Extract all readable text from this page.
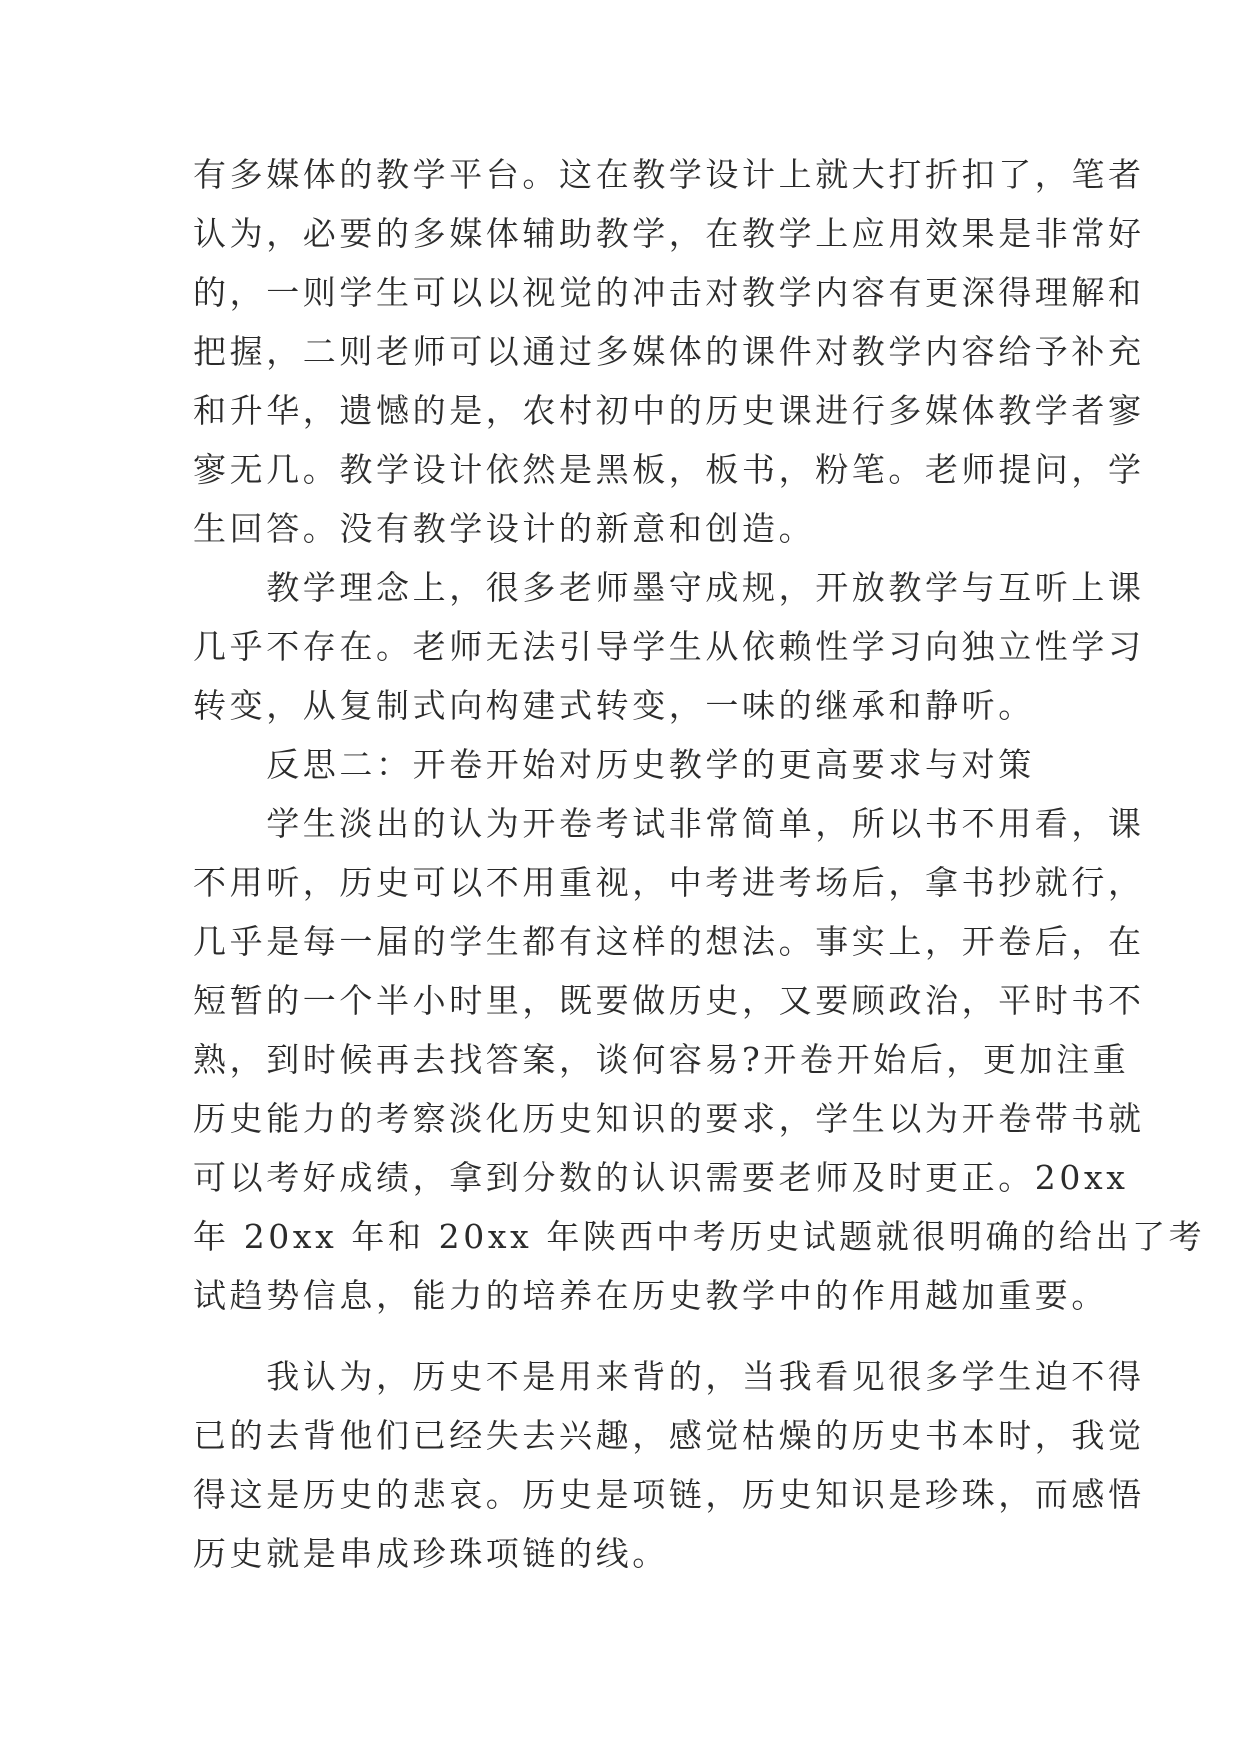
有多媒体的教学平台。这在教学设计上就大打折扣了，笔者
认为，必要的多媒体辅助教学，在教学上应用效果是非常好
的，一则学生可以以视觉的冲击对教学内容有更深得理解和
把握，二则老师可以通过多媒体的课件对教学内容给予补充
和升华，遗憾的是，农村初中的历史课进行多媒体教学者寥
寥无几。教学设计依然是黑板，板书，粉笔。老师提问，学
生回答。没有教学设计的新意和创造。
　　教学理念上，很多老师墨守成规，开放教学与互听上课
几乎不存在。老师无法引导学生从依赖性学习向独立性学习
转变，从复制式向构建式转变，一味的继承和静听。
　　反思二：开卷开始对历史教学的更高要求与对策
　　学生淡出的认为开卷考试非常简单，所以书不用看，课
不用听，历史可以不用重视，中考进考场后，拿书抄就行，
几乎是每一届的学生都有这样的想法。事实上，开卷后，在
短暂的一个半小时里，既要做历史，又要顾政治，平时书不
熟，到时候再去找答案，谈何容易?开卷开始后，更加注重
历史能力的考察淡化历史知识的要求，学生以为开卷带书就
可以考好成绩，拿到分数的认识需要老师及时更正。20xx
年 20xx 年和 20xx 年陕西中考历史试题就很明确的给出了考
试趋势信息，能力的培养在历史教学中的作用越加重要。
　　我认为，历史不是用来背的，当我看见很多学生迫不得
已的去背他们已经失去兴趣，感觉枯燥的历史书本时，我觉
得这是历史的悲哀。历史是项链，历史知识是珍珠，而感悟
历史就是串成珍珠项链的线。
